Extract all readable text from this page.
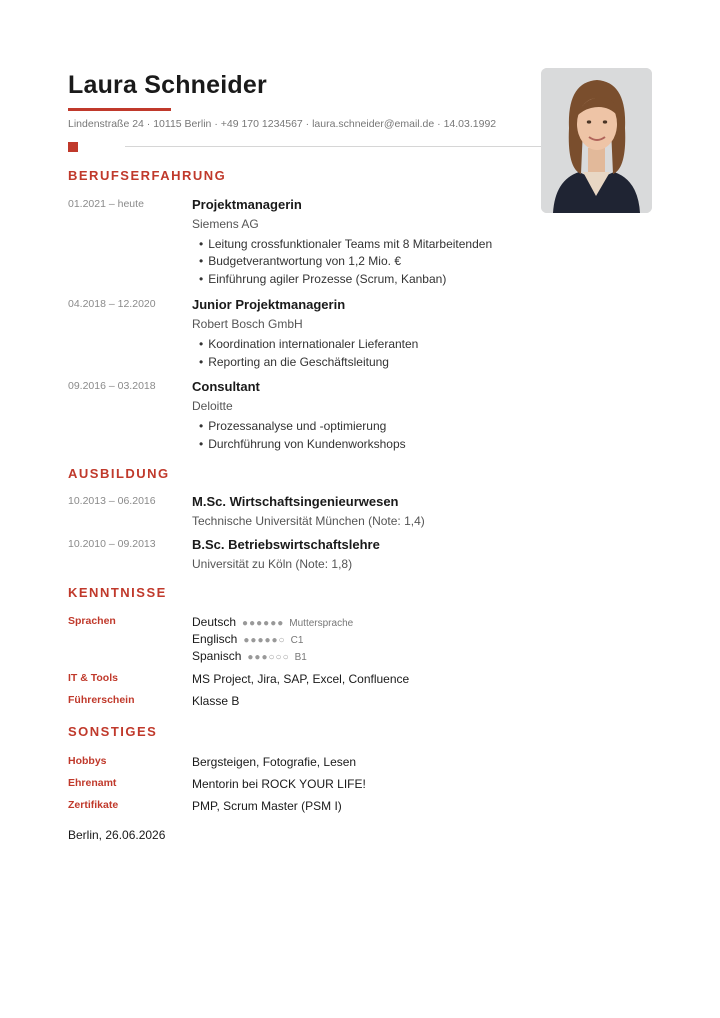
Laura Schneider
Lindenstraße 24 · 10115 Berlin · +49 170 1234567 · laura.schneider@email.de · 14.03.1992
BERUFSERFAHRUNG
01.2021 – heute	Projektmanagerin
Siemens AG
• Leitung crossfunktionaler Teams mit 8 Mitarbeitenden
• Budgetverantwortung von 1,2 Mio. €
• Einführung agiler Prozesse (Scrum, Kanban)
04.2018 – 12.2020	Junior Projektmanagerin
Robert Bosch GmbH
• Koordination internationaler Lieferanten
• Reporting an die Geschäftsleitung
09.2016 – 03.2018	Consultant
Deloitte
• Prozessanalyse und -optimierung
• Durchführung von Kundenworkshops
AUSBILDUNG
10.2013 – 06.2016	M.Sc. Wirtschaftsingenieurwesen
Technische Universität München (Note: 1,4)
10.2010 – 09.2013	B.Sc. Betriebswirtschaftslehre
Universität zu Köln (Note: 1,8)
KENNTNISSE
Sprachen	Deutsch ●●●●●● Muttersprache
Englisch ●●●●●○ C1
Spanisch ●●●○○○ B1
IT & Tools	MS Project, Jira, SAP, Excel, Confluence
Führerschein	Klasse B
SONSTIGES
Hobbys	Bergsteigen, Fotografie, Lesen
Ehrenamt	Mentorin bei ROCK YOUR LIFE!
Zertifikate	PMP, Scrum Master (PSM I)
Berlin, 26.06.2026
